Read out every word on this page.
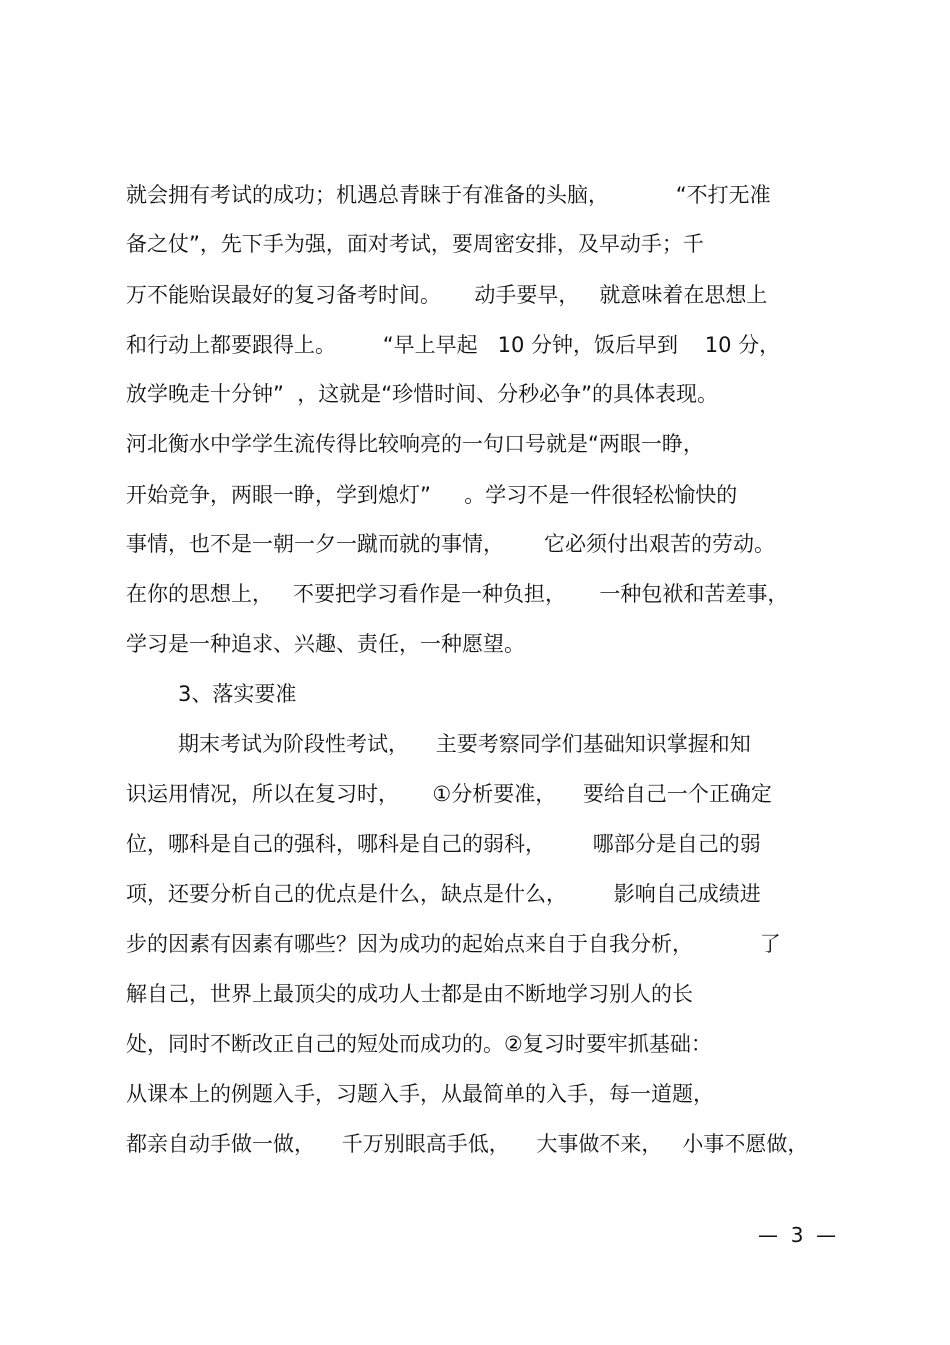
就会拥有考试的成功；机遇总青睐于有准备的头脑，          “不打无准
备之仗”，先下手为强，面对考试，要周密安排，及早动手；千
万不能贻误最好的复习备考时间。     动手要早，   就意味着在思想上
和行动上都要跟得上。       “早上早起   10 分钟，饭后早到    10 分，
放学晚走十分钟”  ，这就是“珍惜时间、分秒必争”的具体表现。
河北衡水中学学生流传得比较响亮的一句口号就是“两眼一睁，
开始竞争，两眼一睁，学到熄灯”     。学习不是一件很轻松愉快的
事情，也不是一朝一夕一蹴而就的事情，      它必须付出艰苦的劳动。
在你的思想上，   不要把学习看作是一种负担，     一种包袱和苦差事，
学习是一种追求、兴趣、责任，一种愿望。
3、落实要准
期末考试为阶段性考试，    主要考察同学们基础知识掌握和知
识运用情况，所以在复习时，     ①分析要准，    要给自己一个正确定
位，哪科是自己的强科，哪科是自己的弱科，       哪部分是自己的弱
项，还要分析自己的优点是什么，缺点是什么，       影响自己成绩进
步的因素有因素有哪些？因为成功的起始点来自于自我分析，          了
解自己，世界上最顶尖的成功人士都是由不断地学习别人的长
处，同时不断改正自己的短处而成功的。②复习时要牢抓基础：
从课本上的例题入手，习题入手，从最简单的入手，每一道题，
都亲自动手做一做，    千万别眼高手低，    大事做不来，   小事不愿做，
—  3  —
